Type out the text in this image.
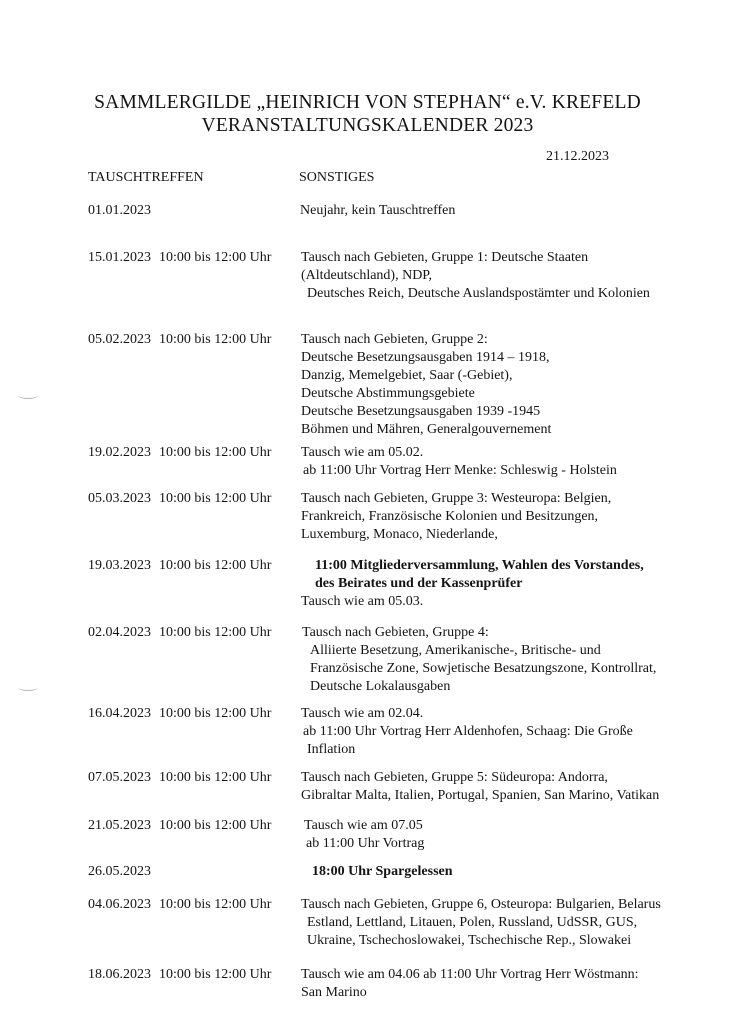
SAMMLERGILDE „HEINRICH VON STEPHAN“ e.V. KREFELD
VERANSTALTUNGSKALENDER 2023
21.12.2023
TAUSCHTREFFEN	SONSTIGES
01.01.2023	Neujahr, kein Tauschtreffen
15.01.2023 10:00 bis 12:00 Uhr Tausch nach Gebieten, Gruppe 1: Deutsche Staaten
(Altdeutschland), NDP,
Deutsches Reich, Deutsche Auslandspostämter und Kolonien
05.02.2023 10:00 bis 12:00 Uhr Tausch nach Gebieten, Gruppe 2:
Deutsche Besetzungsausgaben 1914 – 1918,
Danzig, Memelgebiet, Saar (-Gebiet),
Deutsche Abstimmungsgebiete
Deutsche Besetzungsausgaben 1939 -1945
Böhmen und Mähren, Generalgouvernement
19.02.2023 10:00 bis 12:00 Uhr Tausch wie am 05.02.
ab 11:00 Uhr Vortrag Herr Menke: Schleswig - Holstein
05.03.2023 10:00 bis 12:00 Uhr Tausch nach Gebieten, Gruppe 3: Westeuropa: Belgien,
Frankreich, Französische Kolonien und Besitzungen,
Luxemburg, Monaco, Niederlande,
19.03.2023 10:00 bis 12:00 Uhr	11:00 Mitgliederversammlung, Wahlen des Vorstandes,
des Beirates und der Kassenprüfer
Tausch wie am 05.03.
02.04.2023 10:00 bis 12:00 Uhr Tausch nach Gebieten, Gruppe 4:
Alliierte Besetzung, Amerikanische-, Britische- und
Französische Zone, Sowjetische Besatzungszone, Kontrollrat,
Deutsche Lokalausgaben
16.04.2023 10:00 bis 12:00 Uhr Tausch wie am 02.04.
ab 11:00 Uhr Vortrag Herr Aldenhofen, Schaag: Die Große
Inflation
07.05.2023 10:00 bis 12:00 Uhr Tausch nach Gebieten, Gruppe 5: Südeuropa: Andorra,
Gibraltar Malta, Italien, Portugal, Spanien, San Marino, Vatikan
21.05.2023 10:00 bis 12:00 Uhr Tausch wie am 07.05
ab 11:00 Uhr Vortrag
26.05.2023	18:00 Uhr Spargelessen
04.06.2023 10:00 bis 12:00 Uhr Tausch nach Gebieten, Gruppe 6, Osteuropa: Bulgarien, Belarus
Estland, Lettland, Litauen, Polen, Russland, UdSSR, GUS,
Ukraine, Tschechoslowakei, Tschechische Rep., Slowakei
18.06.2023 10:00 bis 12:00 Uhr Tausch wie am 04.06 ab 11:00 Uhr Vortrag Herr Wöstmann:
San Marino
